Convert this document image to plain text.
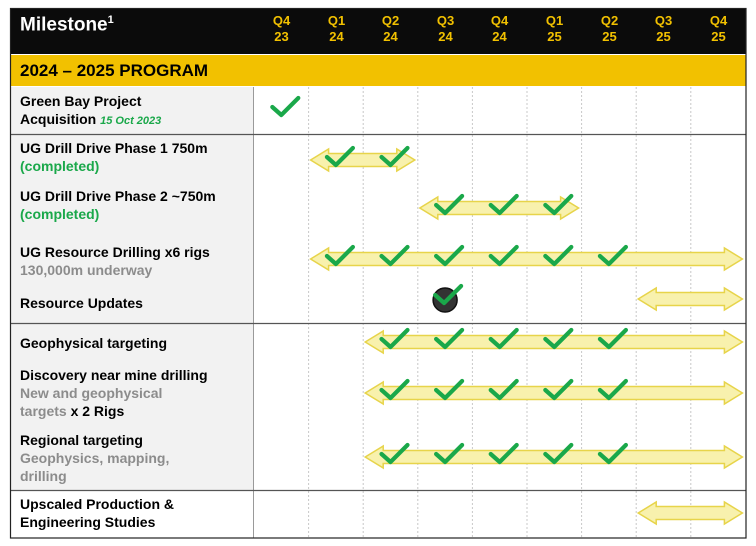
Milestone$^1$	Q4
23
Q1
24
Q2
24
Q3
24
Q4
24
Q1
25
Q2
25
Q3
25
Q4
25
2024 – 2025 PROGRAM
Green Bay Project
Acquisition 15 Oct 2023
UG Drill Drive Phase 1 750m
(completed)
UG Drill Drive Phase 2 ~750m
(completed)
UG Resource Drilling x6 rigs
130,000m underway
Resource Updates
Geophysical targeting
Discovery near mine drilling
New and geophysical
targets x 2 Rigs
Regional targeting
Geophysics, mapping,
drilling
Upscaled Production &
Engineering Studies
